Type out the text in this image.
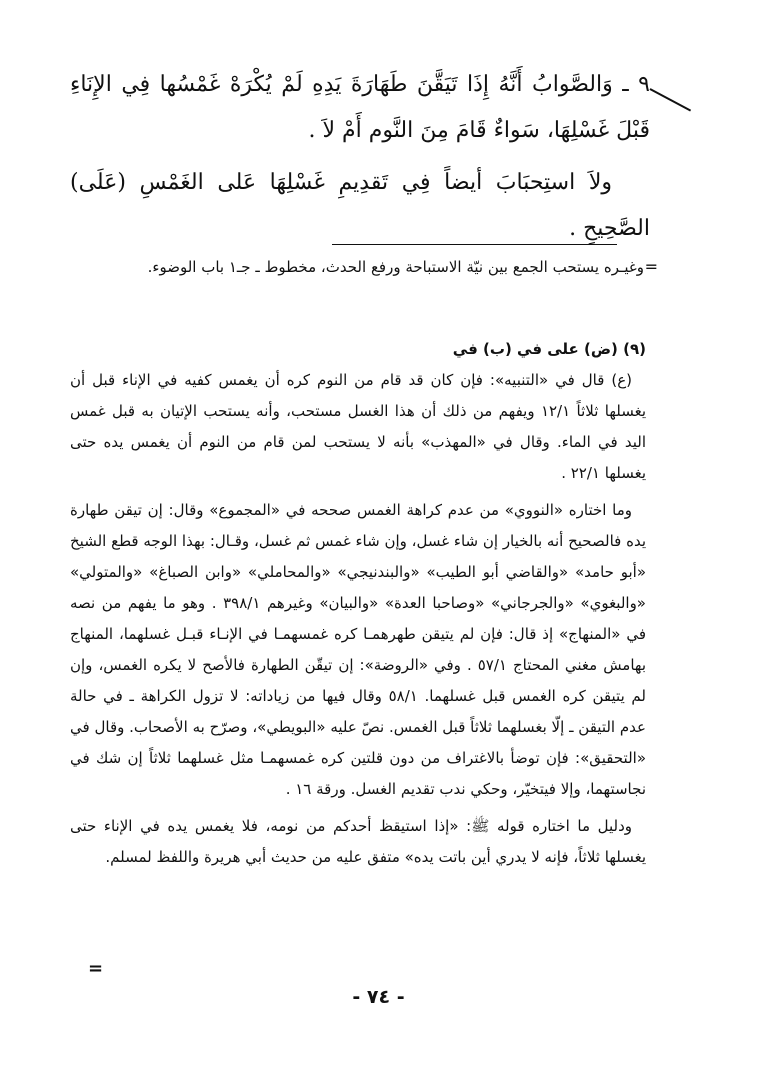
٩ ـ وَالصَّوابُ أَنَّهُ إِذَا تَيَقَّنَ طَهَارَةَ يَدِهِ لَمْ يُكْرَهْ غَمْسُها فِي الإِنَاءِ قَبْلَ غَسْلِهَا، سَواءٌ قَامَ مِنَ النَّوم أَمْ لاَ .

ولاَ استِحبَابَ أيضاً فِي تَقدِيمِ غَسْلِهَا عَلى الغَمْسِ (عَلَى) الصَّحِيحِ .

=
وغيـره يستحب الجمع بين نيّة الاستباحة ورفع الحدث، مخطوط ـ جـ١ باب الوضوء.

(٩) (ض) على في (ب) في

(ع) قال في «التنبيه»: فإن كان قد قام من النوم كره أن يغمس كفيه في الإناء قبل أن يغسلها ثلاثاً ١٢/١ ويفهم من ذلك أن هذا الغسل مستحب، وأنه يستحب الإتيان به قبل غمس اليد في الماء. وقال في «المهذب» بأنه لا يستحب لمن قام من النوم أن يغمس يده حتى يغسلها ٢٢/١ .

وما اختاره «النووي» من عدم كراهة الغمس صححه في «المجموع» وقال: إن تيقن طهارة يده فالصحيح أنه بالخيار إن شاء غسل، وإن شاء غمس ثم غسل، وقـال: بهذا الوجه قطع الشيخ «أبو حامد» «والقاضي أبو الطيب» «والبندنيجي» «والمحاملي» «وابن الصباغ» «والمتولي» «والبغوي» «والجرجاني» «وصاحبا العدة» «والبيان» وغيرهم ٣٩٨/١ . وهو ما يفهم من نصه في «المنهاج» إذ قال: فإن لم يتيقن طهرهمـا كره غمسهمـا في الإنـاء قبـل غسلهما، المنهاج بهامش مغني المحتاج ٥٧/١ . وفي «الروضة»: إن تيقّن الطهارة فالأصح لا يكره الغمس، وإن لم يتيقن كره الغمس قبل غسلهما. ٥٨/١ وقال فيها من زياداته: لا تزول الكراهة ـ في حالة عدم التيقن ـ إلّا بغسلهما ثلاثاً قبل الغمس. نصّ عليه «البويطي»، وصرّح به الأصحاب. وقال في «التحقيق»: فإن توضأ بالاغتراف من دون قلتين كره غمسهمـا مثل غسلهما ثلاثاً إن شك في نجاستهما، وإلا فيتخيّر، وحكي ندب تقديم الغسل. ورقة ١٦ .

ودليل ما اختاره قوله ﷺ: «إذا استيقظ أحدكم من نومه، فلا يغمس يده في الإناء حتى يغسلها ثلاثاً، فإنه لا يدري أين باتت يده» متفق عليه من حديث أبي هريرة واللفظ لمسلم.

=
- ٧٤ -
